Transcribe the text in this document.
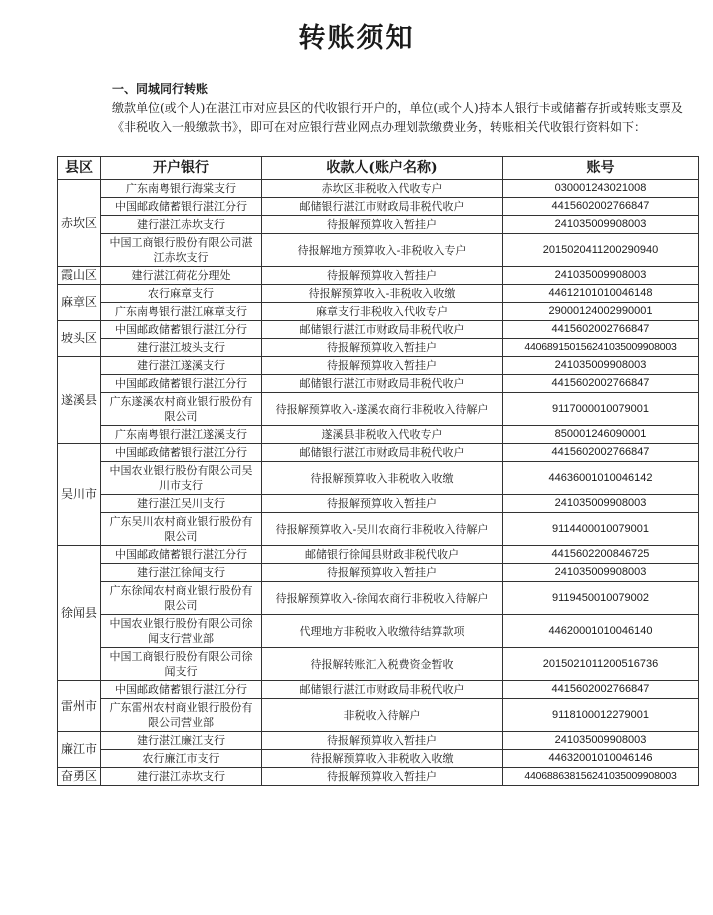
转账须知
一、同城同行转账
缴款单位(或个人)在湛江市对应县区的代收银行开户的，单位(或个人)持本人银行卡或储蓄存折或转账支票及《非税收入一般缴款书》，即可在对应银行营业网点办理划款缴费业务，转账相关代收银行资料如下：
县区	开户银行	收款人(账户名称)	账号
赤坎区	广东南粤银行海棠支行	赤坎区非税收入代收专户	030001243021008
	中国邮政储蓄银行湛江分行	邮储银行湛江市财政局非税代收户	4415602002766847
	建行湛江赤坎支行	待报解预算收入暂挂户	241035009908003
	中国工商银行股份有限公司湛江赤坎支行	待报解地方预算收入-非税收入专户	2015020411200290940
霞山区	建行湛江荷花分理处	待报解预算收入暂挂户	241035009908003
麻章区	农行麻章支行	待报解预算收入-非税收入收缴	44612101010046148
	广东南粤银行湛江麻章支行	麻章支行非税收入代收专户	29000124002990001
坡头区	中国邮政储蓄银行湛江分行	邮储银行湛江市财政局非税代收户	4415602002766847
	建行湛江坡头支行	待报解预算收入暂挂户	44068915015624103500990800​3
遂溪县	建行湛江遂溪支行	待报解预算收入暂挂户	241035009908003
	中国邮政储蓄银行湛江分行	邮储银行湛江市财政局非税代收户	4415602002766847
	广东遂溪农村商业银行股份有限公司	待报解预算收入-遂溪农商行非税收入待解户	9117000010079001
	广东南粤银行湛江遂溪支行	遂溪县非税收入代收专户	850001246090001
吴川市	中国邮政储蓄银行湛江分行	邮储银行湛江市财政局非税代收户	4415602002766847
	中国农业银行股份有限公司吴川市支行	待报解预算收入非税收入收缴	44636001010046142
	建行湛江吴川支行	待报解预算收入暂挂户	241035009908003
	广东吴川农村商业银行股份有限公司	待报解预算收入-吴川农商行非税收入待解户	9114400010079001
徐闻县	中国邮政储蓄银行湛江分行	邮储银行徐闻县财政非税代收户	4415602200846725
	建行湛江徐闻支行	待报解预算收入暂挂户	241035009908003
	广东徐闻农村商业银行股份有限公司	待报解预算收入-徐闻农商行非税收入待解户	9119450010079002
	中国农业银行股份有限公司徐闻支行营业部	代理地方非税收入收缴待结算款项	44620001010046140
	中国工商银行股份有限公司徐闻支行	待报解转账汇入税费资金暂收	2015021011200516736
雷州市	中国邮政储蓄银行湛江分行	邮储银行湛江市财政局非税代收户	4415602002766847
	广东雷州农村商业银行股份有限公司营业部	非税收入待解户	9118100012279001
廉江市	建行湛江廉江支行	待报解预算收入暂挂户	241035009908003
	农行廉江市支行	待报解预算收入非税收入收缴	44632001010046146
奋勇区	建行湛江赤坎支行	待报解预算收入暂挂户	440688638156241035009908003
